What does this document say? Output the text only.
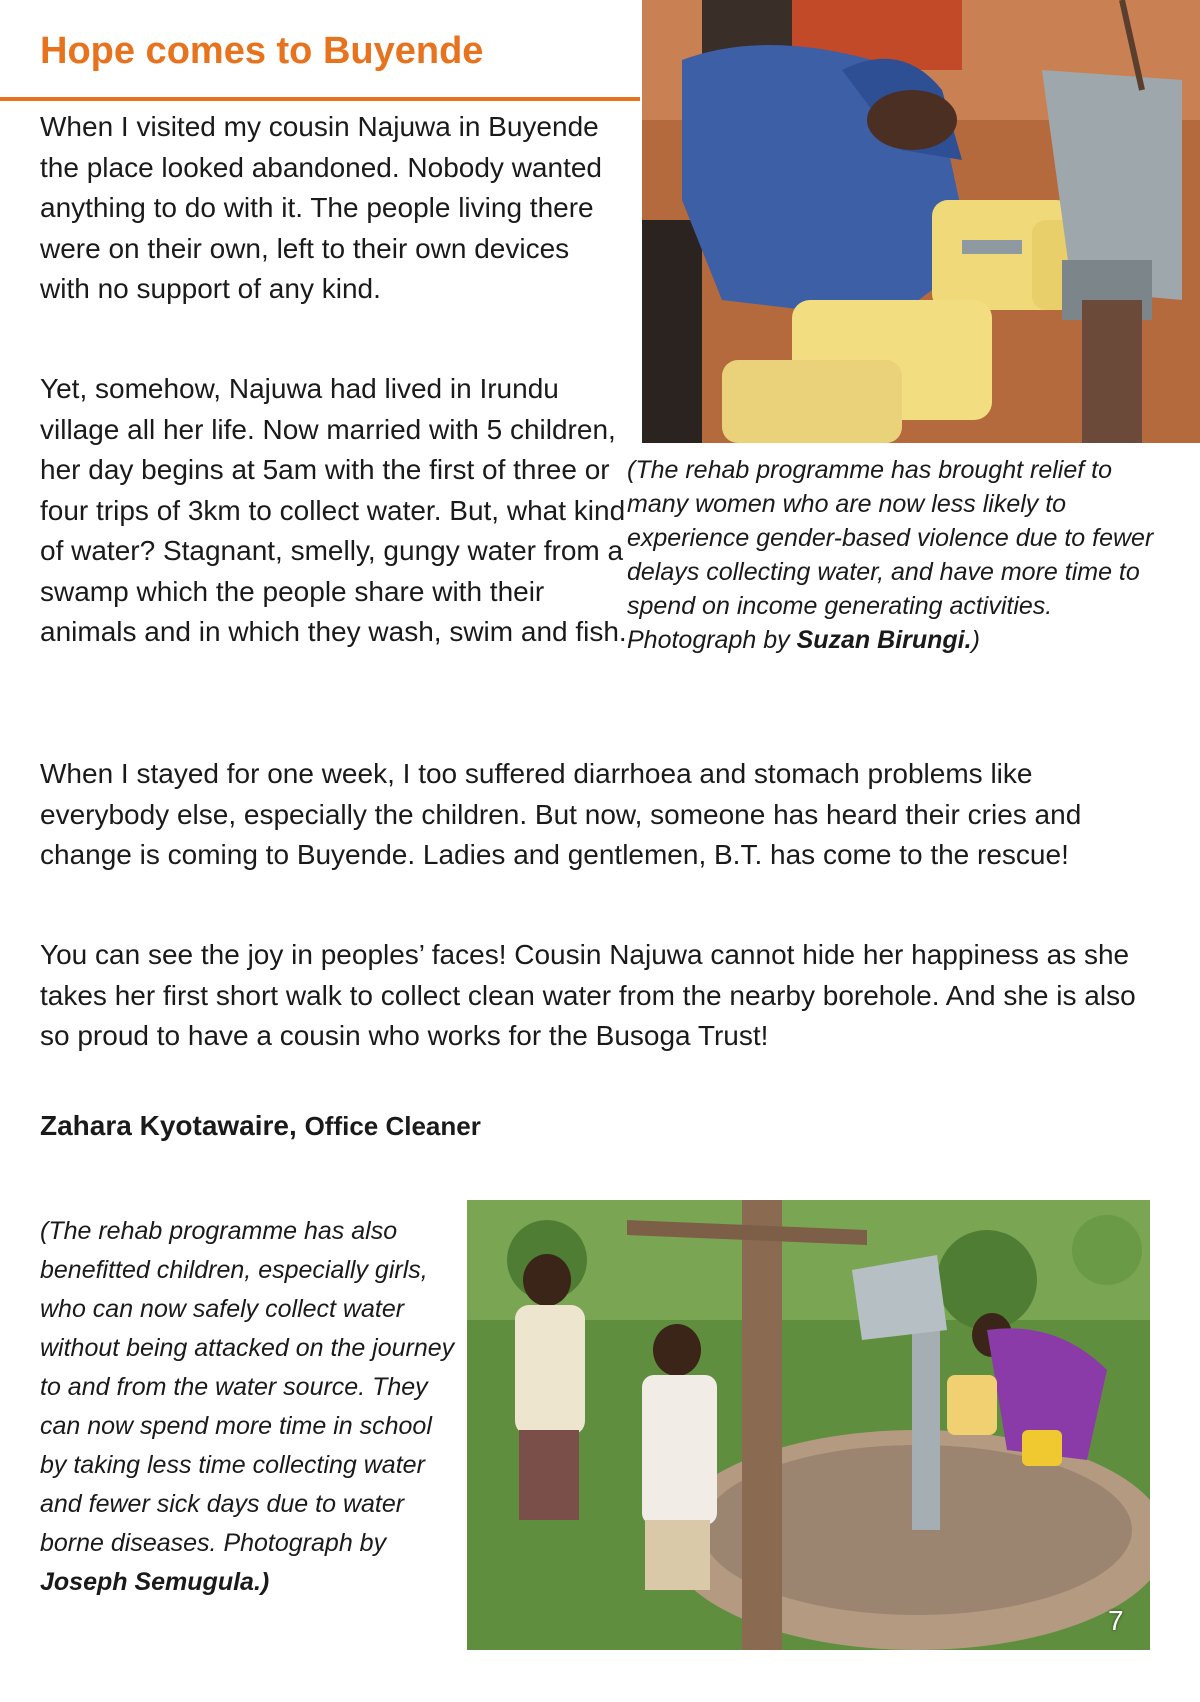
Hope comes to Buyende

When I visited my cousin Najuwa in Buyende the place looked abandoned. Nobody wanted anything to do with it. The people living there were on their own, left to their own devices with no support of any kind.

Yet, somehow, Najuwa had lived in Irundu village all her life. Now married with 5 children, her day begins at 5am with the first of three or four trips of 3km to collect water. But, what kind of water? Stagnant, smelly, gungy water from a swamp which the people share with their animals and in which they wash, swim and fish.

When I stayed for one week, I too suffered diarrhoea and stomach problems like everybody else, especially the children. But now, someone has heard their cries and change is coming to Buyende. Ladies and gentlemen, B.T. has come to the rescue!

You can see the joy in peoples’ faces! Cousin Najuwa cannot hide her happiness as she takes her first short walk to collect clean water from the nearby borehole. And she is also so proud to have a cousin who works for the Busoga Trust!

Zahara Kyotawaire, Office Cleaner

(The rehab programme has brought relief to many women who are now less likely to experience gender-based violence due to fewer delays collecting water, and have more time to spend on income generating activities. Photograph by Suzan Birungi.)

(The rehab programme has also benefitted children, especially girls, who can now safely collect water without being attacked on the journey to and from the water source. They can now spend more time in school by taking less time collecting water and fewer sick days due to water borne diseases. Photograph by Joseph Semugula.)

7
